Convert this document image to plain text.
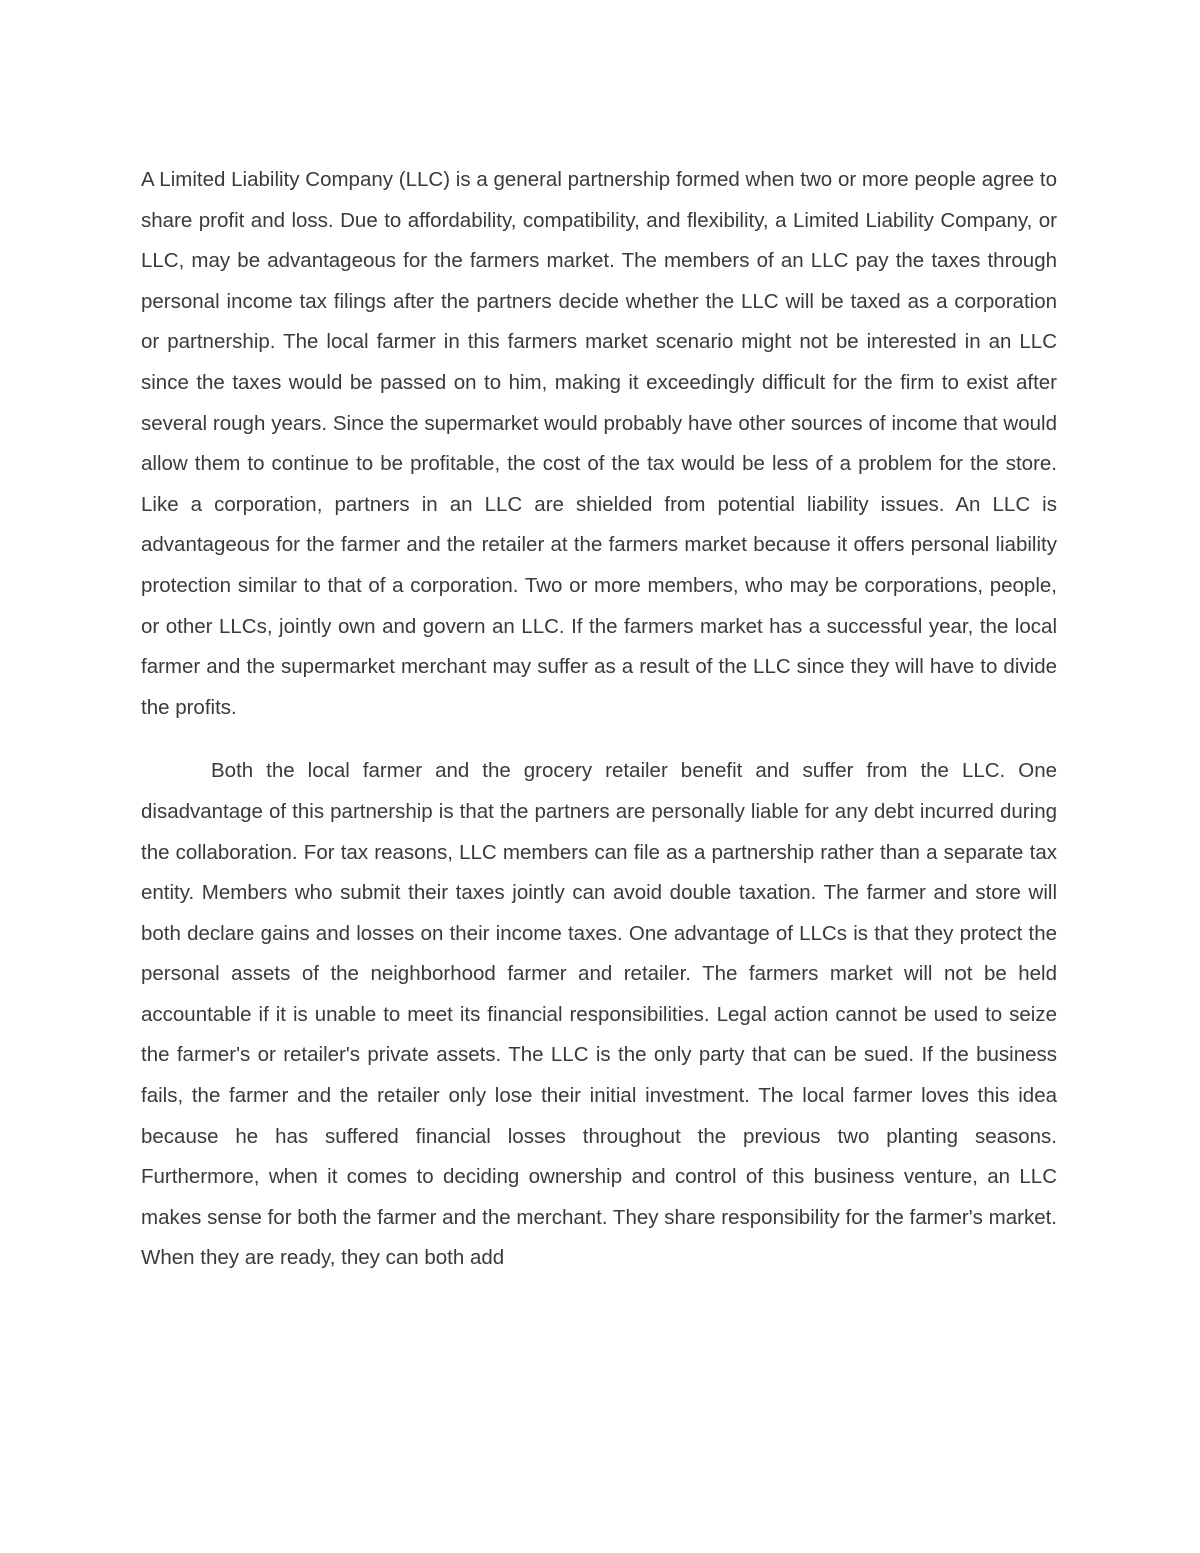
A Limited Liability Company (LLC) is a general partnership formed when two or more people agree to share profit and loss. Due to affordability, compatibility, and flexibility, a Limited Liability Company, or LLC, may be advantageous for the farmers market. The members of an LLC pay the taxes through personal income tax filings after the partners decide whether the LLC will be taxed as a corporation or partnership. The local farmer in this farmers market scenario might not be interested in an LLC since the taxes would be passed on to him, making it exceedingly difficult for the firm to exist after several rough years. Since the supermarket would probably have other sources of income that would allow them to continue to be profitable, the cost of the tax would be less of a problem for the store. Like a corporation, partners in an LLC are shielded from potential liability issues. An LLC is advantageous for the farmer and the retailer at the farmers market because it offers personal liability protection similar to that of a corporation. Two or more members, who may be corporations, people, or other LLCs, jointly own and govern an LLC. If the farmers market has a successful year, the local farmer and the supermarket merchant may suffer as a result of the LLC since they will have to divide the profits.

Both the local farmer and the grocery retailer benefit and suffer from the LLC. One disadvantage of this partnership is that the partners are personally liable for any debt incurred during the collaboration. For tax reasons, LLC members can file as a partnership rather than a separate tax entity. Members who submit their taxes jointly can avoid double taxation. The farmer and store will both declare gains and losses on their income taxes. One advantage of LLCs is that they protect the personal assets of the neighborhood farmer and retailer. The farmers market will not be held accountable if it is unable to meet its financial responsibilities. Legal action cannot be used to seize the farmer's or retailer's private assets. The LLC is the only party that can be sued. If the business fails, the farmer and the retailer only lose their initial investment. The local farmer loves this idea because he has suffered financial losses throughout the previous two planting seasons. Furthermore, when it comes to deciding ownership and control of this business venture, an LLC makes sense for both the farmer and the merchant. They share responsibility for the farmer's market. When they are ready, they can both add
